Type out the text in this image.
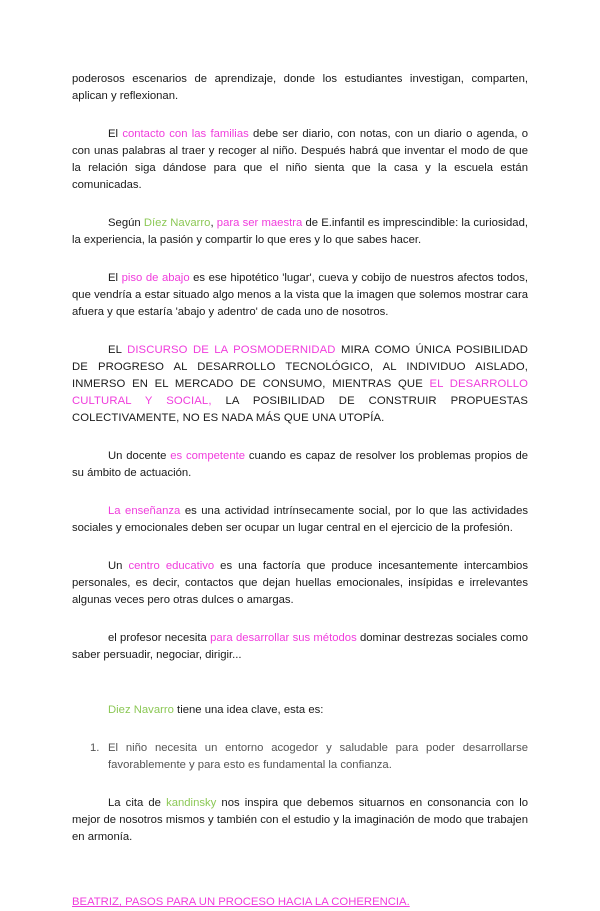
poderosos escenarios de aprendizaje, donde los estudiantes investigan, comparten, aplican y reflexionan.

El contacto con las familias debe ser diario, con notas, con un diario o agenda, o con unas palabras al traer y recoger al niño. Después habrá que inventar el modo de que la relación siga dándose para que el niño sienta que la casa y la escuela están comunicadas.

Según Díez Navarro, para ser maestra de E.infantil es imprescindible: la curiosidad, la experiencia, la pasión y compartir lo que eres y lo que sabes hacer.

El piso de abajo es ese hipotético 'lugar', cueva y cobijo de nuestros afectos todos, que vendría a estar situado algo menos a la vista que la imagen que solemos mostrar cara afuera y que estaría 'abajo y adentro' de cada uno de nosotros.

EL DISCURSO DE LA POSMODERNIDAD MIRA COMO ÚNICA POSIBILIDAD DE PROGRESO AL DESARROLLO TECNOLÓGICO, AL INDIVIDUO AISLADO, INMERSO EN EL MERCADO DE CONSUMO, MIENTRAS QUE EL DESARROLLO CULTURAL Y SOCIAL, LA POSIBILIDAD DE CONSTRUIR PROPUESTAS COLECTIVAMENTE, NO ES NADA MÁS QUE UNA UTOPÍA.

Un docente es competente cuando es capaz de resolver los problemas propios de su ámbito de actuación.

La enseñanza es una actividad intrínsecamente social, por lo que las actividades sociales y emocionales deben ser ocupar un lugar central en el ejercicio de la profesión.

Un centro educativo es una factoría que produce incesantemente intercambios personales, es decir, contactos que dejan huellas emocionales, insípidas e irrelevantes algunas veces pero otras dulces o amargas.

el profesor necesita para desarrollar sus métodos dominar destrezas sociales como saber persuadir, negociar, dirigir...

Diez Navarro tiene una idea clave, esta es:

1. El niño necesita un entorno acogedor y saludable para poder desarrollarse favorablemente y para esto es fundamental la confianza.

La cita de kandinsky nos inspira que debemos situarnos en consonancia con lo mejor de nosotros mismos y también con el estudio y la imaginación de modo que trabajen en armonía.

BEATRIZ, PASOS PARA UN PROCESO HACIA LA COHERENCIA.
